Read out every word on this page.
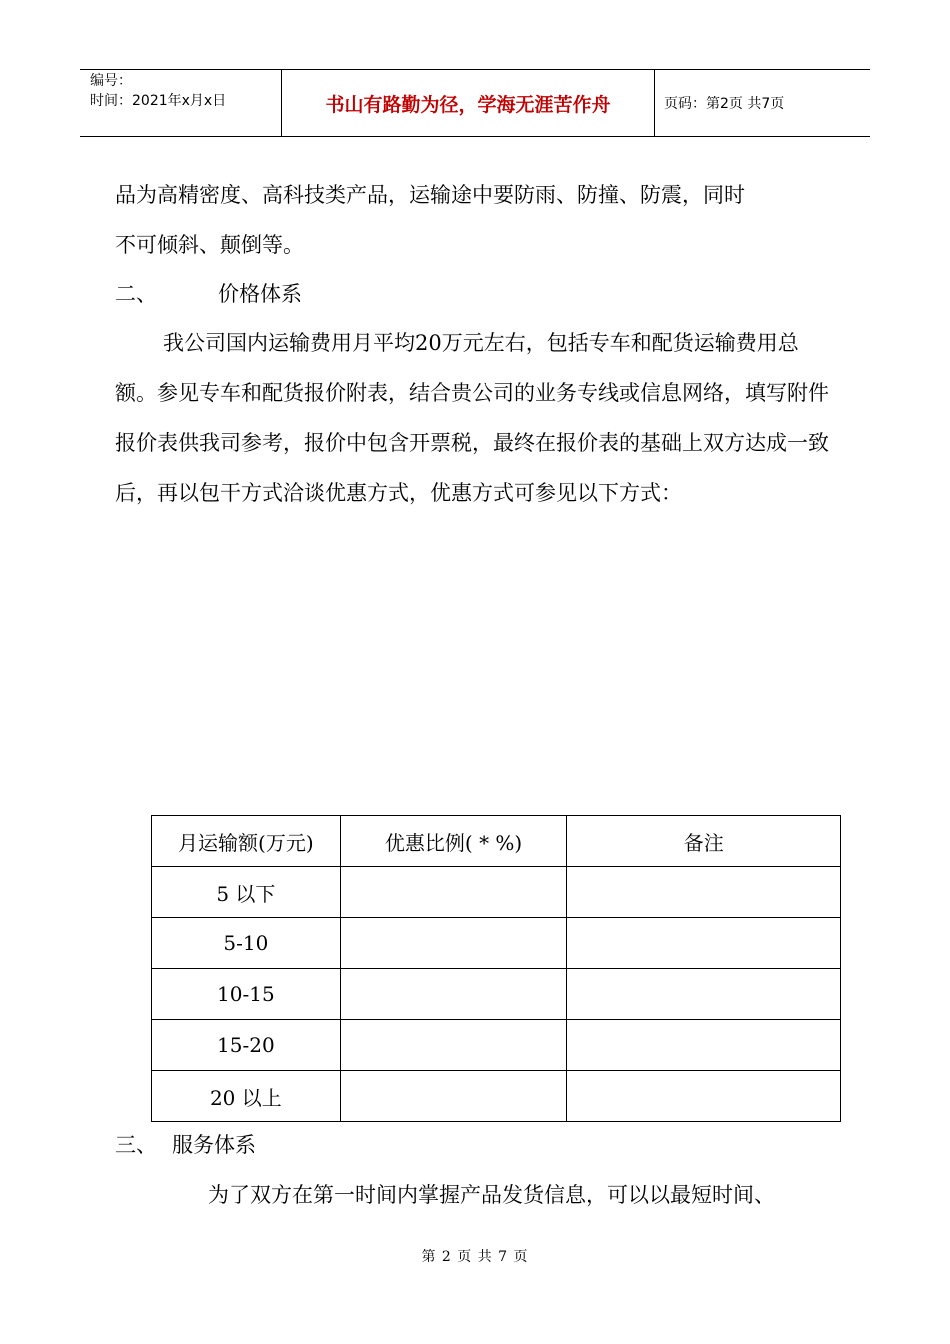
编号：
时间：2021年x月x日	书山有路勤为径，学海无涯苦作舟	页码：第2页 共7页

品为高精密度、高科技类产品，运输途中要防雨、防撞、防震，同时

不可倾斜、颠倒等。

二、	价格体系

我公司国内运输费用月平均20万元左右，包括专车和配货运输费用总额。参见专车和配货报价附表，结合贵公司的业务专线或信息网络，填写附件报价表供我司参考，报价中包含开票税，最终在报价表的基础上双方达成一致后，再以包干方式洽谈优惠方式，优惠方式可参见以下方式：

月运输额(万元)	优惠比例( * %)	备注
5 以下		
5-10		
10-15		
15-20		
20 以上		
三、 服务体系

为了双方在第一时间内掌握产品发货信息，可以以最短时间、

第 2 页 共 7 页
